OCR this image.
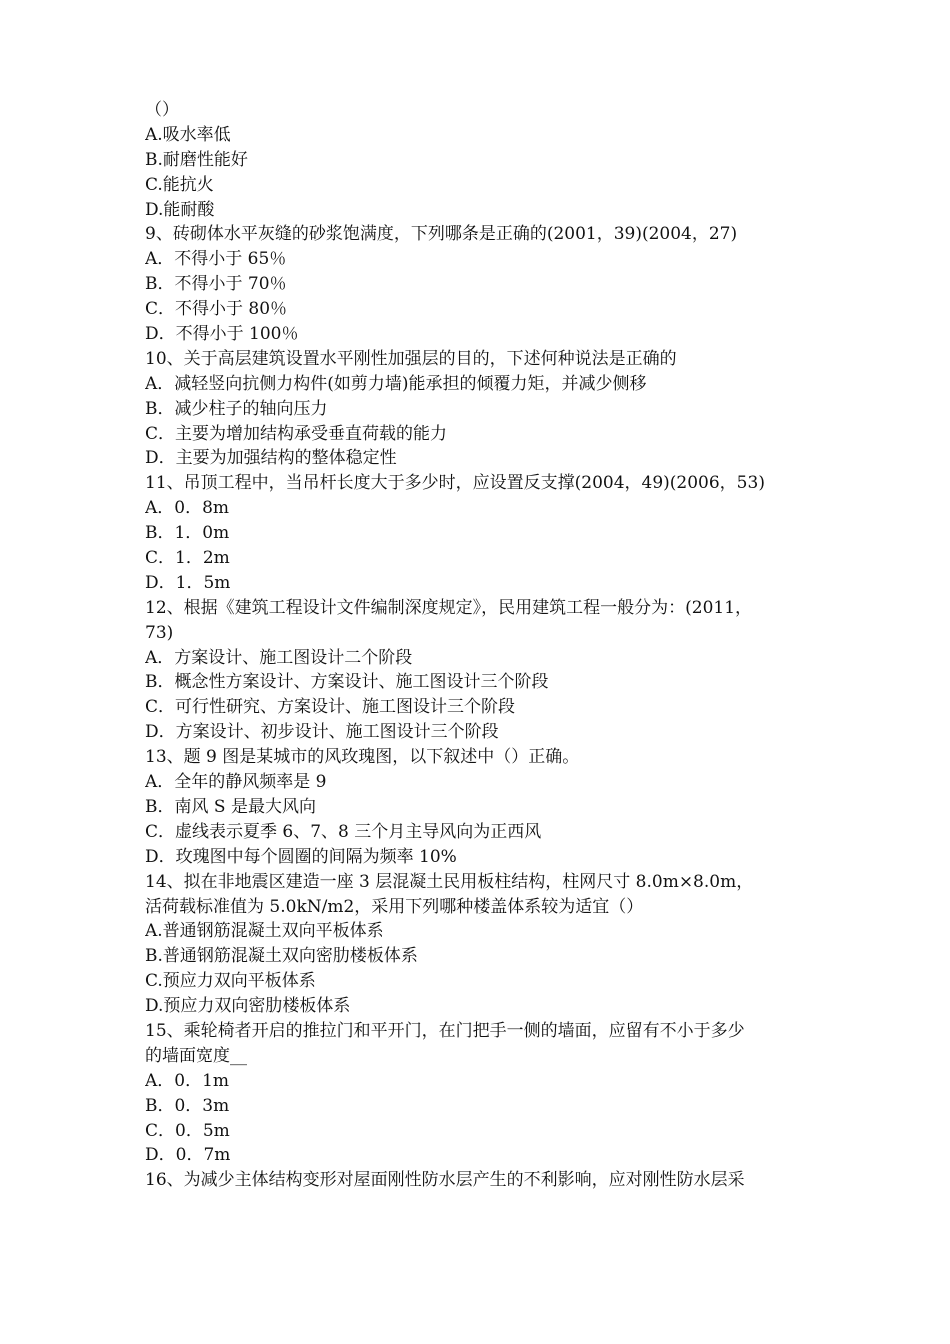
（）
A.吸水率低
B.耐磨性能好
C.能抗火
D.能耐酸
9、砖砌体水平灰缝的砂浆饱满度，下列哪条是正确的(2001，39)(2004，27)
A．不得小于 65％
B．不得小于 70％
C．不得小于 80％
D．不得小于 100％
10、关于高层建筑设置水平刚性加强层的目的，下述何种说法是正确的
A．减轻竖向抗侧力构件(如剪力墙)能承担的倾覆力矩，并减少侧移
B．减少柱子的轴向压力
C．主要为增加结构承受垂直荷载的能力
D．主要为加强结构的整体稳定性
11、吊顶工程中，当吊杆长度大于多少时，应设置反支撑(2004，49)(2006，53)
A．0．8m
B．1．0m
C．1．2m
D．1．5m
12、根据《建筑工程设计文件编制深度规定》，民用建筑工程一般分为：(2011，
73)
A．方案设计、施工图设计二个阶段
B．概念性方案设计、方案设计、施工图设计三个阶段
C．可行性研究、方案设计、施工图设计三个阶段
D．方案设计、初步设计、施工图设计三个阶段
13、题 9 图是某城市的风玫瑰图，以下叙述中（）正确。
A．全年的静风频率是 9
B．南风 S 是最大风向
C．虚线表示夏季 6、7、8 三个月主导风向为正西风
D．玫瑰图中每个圆圈的间隔为频率 10%
14、拟在非地震区建造一座 3 层混凝土民用板柱结构，柱网尺寸 8.0m×8.0m，
活荷载标准值为 5.0kN/m2，采用下列哪种楼盖体系较为适宜（）
A.普通钢筋混凝土双向平板体系
B.普通钢筋混凝土双向密肋楼板体系
C.预应力双向平板体系
D.预应力双向密肋楼板体系
15、乘轮椅者开启的推拉门和平开门，在门把手一侧的墙面，应留有不小于多少
的墙面宽度__
A．0．1m
B．0．3m
C．0．5m
D．0．7m
16、为减少主体结构变形对屋面刚性防水层产生的不利影响，应对刚性防水层采
